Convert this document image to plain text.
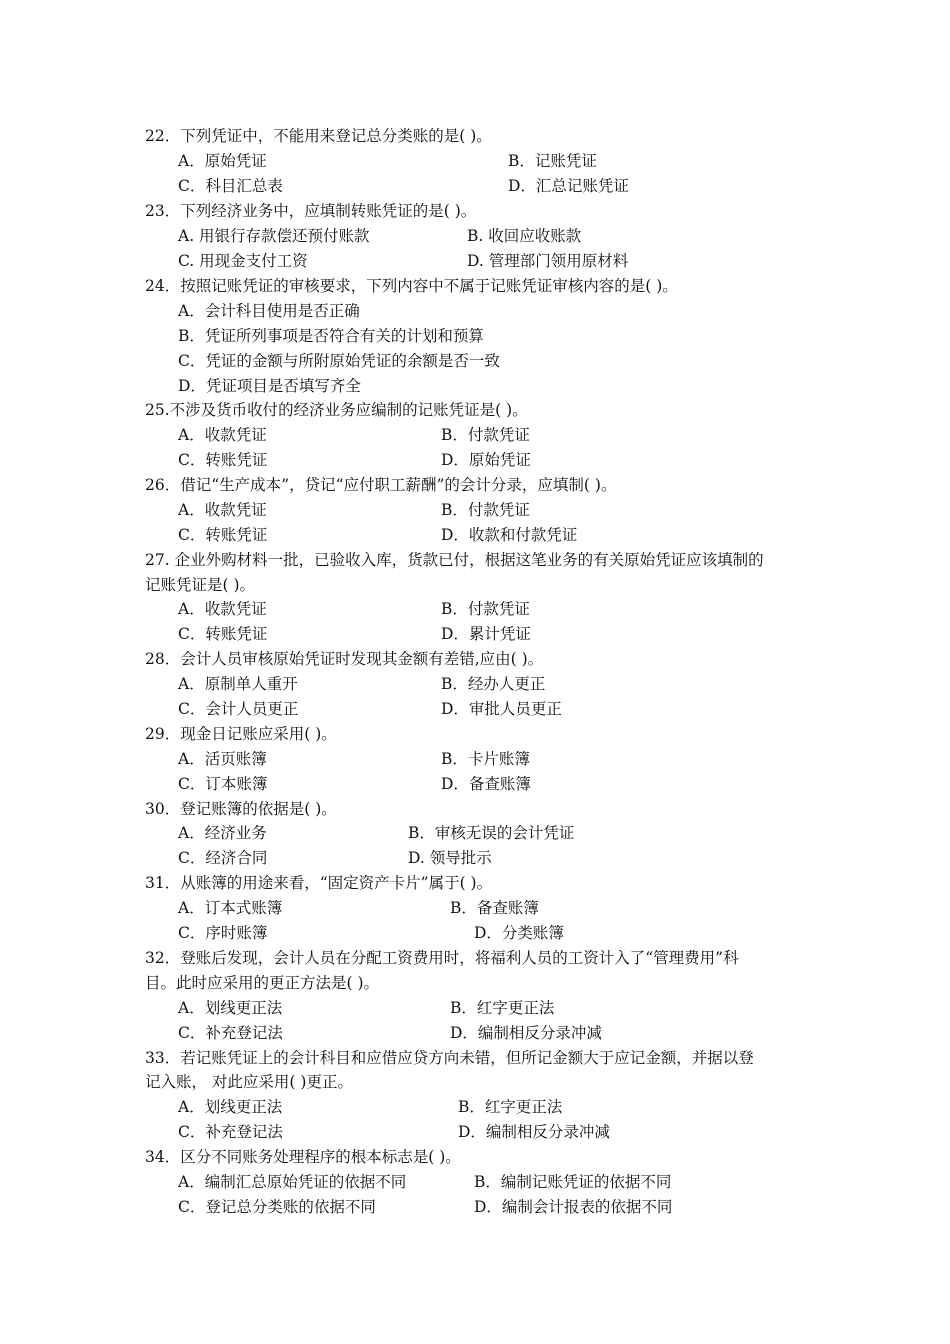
22．下列凭证中，不能用来登记总分类账的是( )。
A．原始凭证	B．记账凭证
C．科目汇总表	D．汇总记账凭证
23．下列经济业务中，应填制转账凭证的是( )。
A. 用银行存款偿还预付账款	B. 收回应收账款
C. 用现金支付工资	D. 管理部门领用原材料
24．按照记账凭证的审核要求，下列内容中不属于记账凭证审核内容的是( )。
A．会计科目使用是否正确
B．凭证所列事项是否符合有关的计划和预算
C．凭证的金额与所附原始凭证的余额是否一致
D．凭证项目是否填写齐全
25.不涉及货币收付的经济业务应编制的记账凭证是( )。
A．收款凭证	B．付款凭证
C．转账凭证	D．原始凭证
26．借记“生产成本”，贷记“应付职工薪酬”的会计分录，应填制( )。
A．收款凭证	B．付款凭证
C．转账凭证	D．收款和付款凭证
27. 企业外购材料一批，已验收入库，货款已付，根据这笔业务的有关原始凭证应该填制的
记账凭证是( )。
A．收款凭证	B．付款凭证
C．转账凭证	D．累计凭证
28．会计人员审核原始凭证时发现其金额有差错,应由( )。
A．原制单人重开	B．经办人更正
C．会计人员更正	D．审批人员更正
29．现金日记账应采用( )。
A．活页账簿	B．卡片账簿
C．订本账簿	D．备查账簿
30．登记账簿的依据是( )。
A．经济业务	B．审核无误的会计凭证
C．经济合同	D. 领导批示
31．从账簿的用途来看，“固定资产卡片”属于( )。
A．订本式账簿	B．备查账簿
C．序时账簿	D．分类账簿
32．登账后发现，会计人员在分配工资费用时，将福利人员的工资计入了“管理费用”科
目。此时应采用的更正方法是( )。
A．划线更正法	B．红字更正法
C．补充登记法	D．编制相反分录冲减
33．若记账凭证上的会计科目和应借应贷方向未错，但所记金额大于应记金额，并据以登
记入账， 对此应采用( )更正。
A．划线更正法	B．红字更正法
C．补充登记法	D．编制相反分录冲减
34．区分不同账务处理程序的根本标志是( )。
A．编制汇总原始凭证的依据不同	B．编制记账凭证的依据不同
C．登记总分类账的依据不同	D．编制会计报表的依据不同
